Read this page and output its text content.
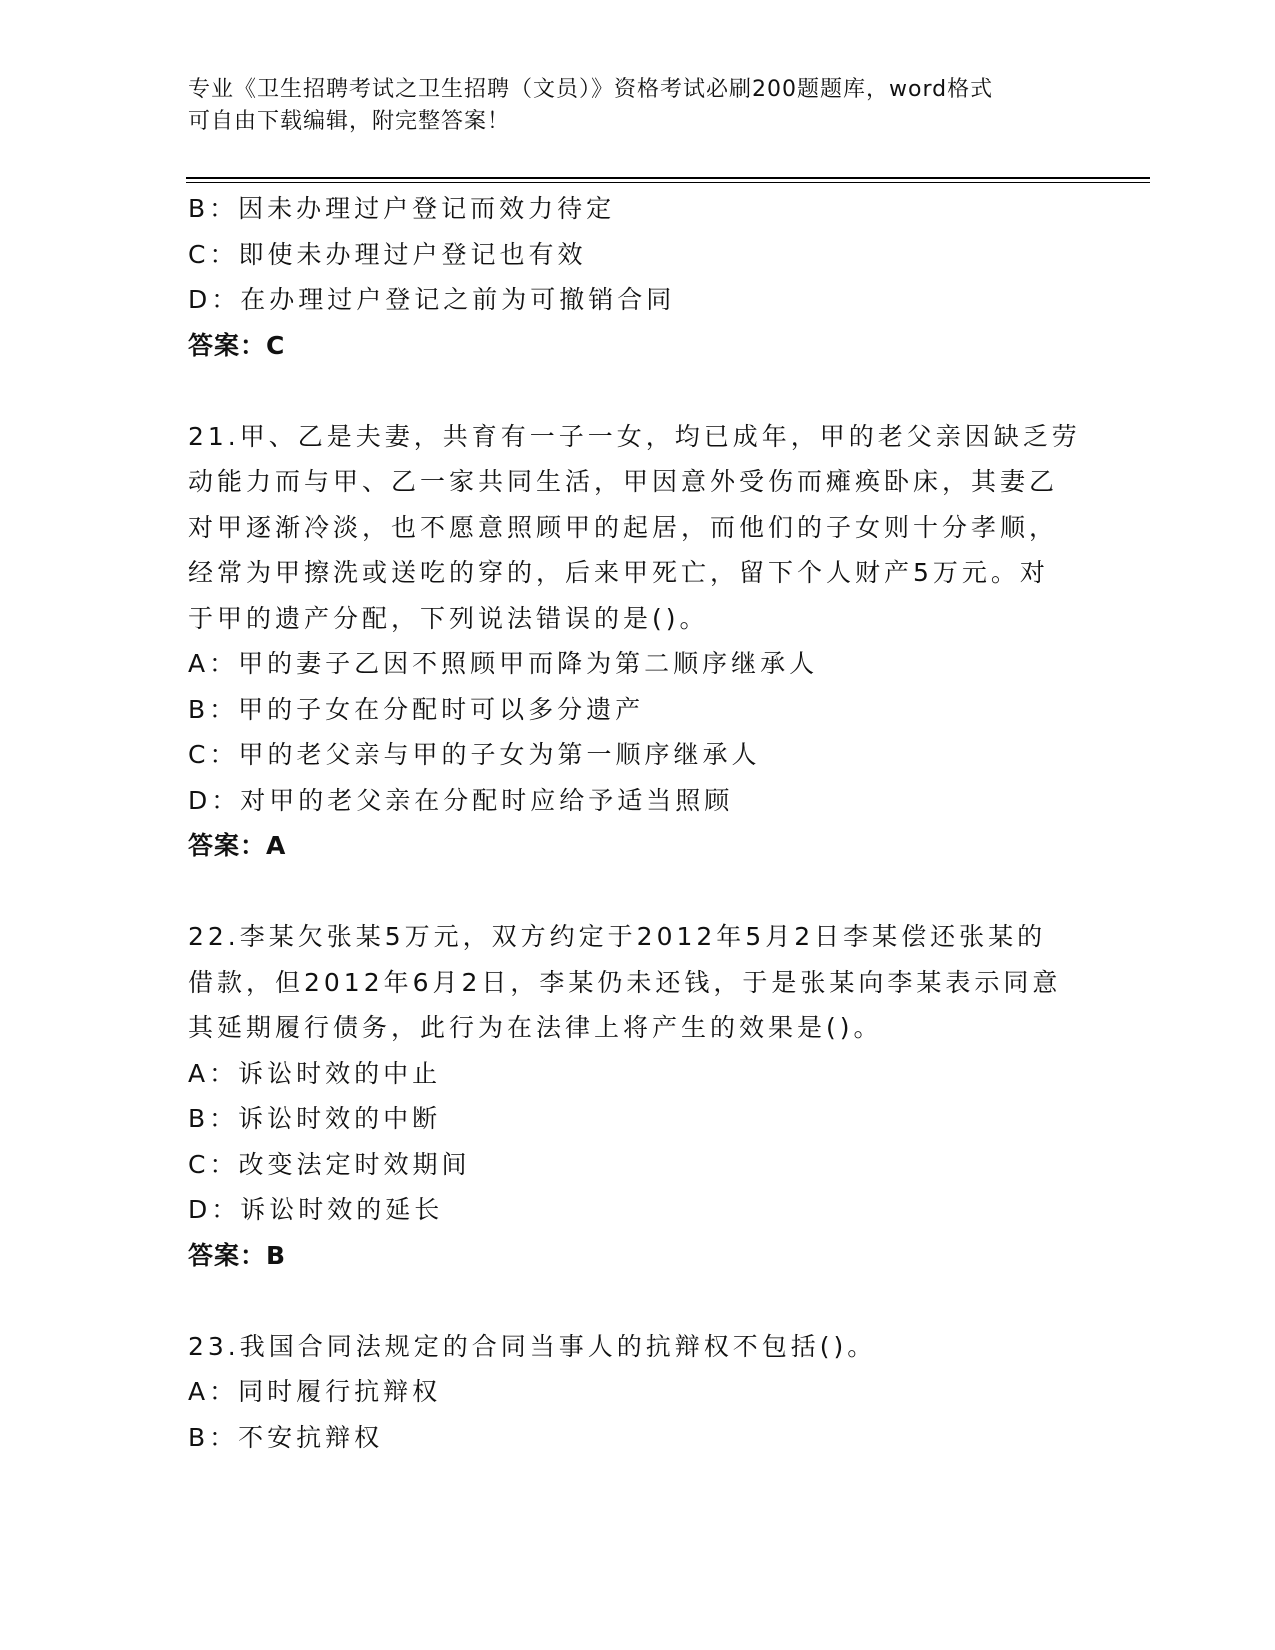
专业《卫生招聘考试之卫生招聘（文员）》资格考试必刷200题题库，word格式
可自由下载编辑，附完整答案！
B：因未办理过户登记而效力待定
C：即使未办理过户登记也有效
D：在办理过户登记之前为可撤销合同
答案：C
21.甲、乙是夫妻，共育有一子一女，均已成年，甲的老父亲因缺乏劳
动能力而与甲、乙一家共同生活，甲因意外受伤而瘫痪卧床，其妻乙
对甲逐渐冷淡，也不愿意照顾甲的起居，而他们的子女则十分孝顺，
经常为甲擦洗或送吃的穿的，后来甲死亡，留下个人财产5万元。对
于甲的遗产分配，下列说法错误的是()。
A：甲的妻子乙因不照顾甲而降为第二顺序继承人
B：甲的子女在分配时可以多分遗产
C：甲的老父亲与甲的子女为第一顺序继承人
D：对甲的老父亲在分配时应给予适当照顾
答案：A
22.李某欠张某5万元，双方约定于2012年5月2日李某偿还张某的
借款，但2012年6月2日，李某仍未还钱，于是张某向李某表示同意
其延期履行债务，此行为在法律上将产生的效果是()。
A：诉讼时效的中止
B：诉讼时效的中断
C：改变法定时效期间
D：诉讼时效的延长
答案：B
23.我国合同法规定的合同当事人的抗辩权不包括()。
A：同时履行抗辩权
B：不安抗辩权
